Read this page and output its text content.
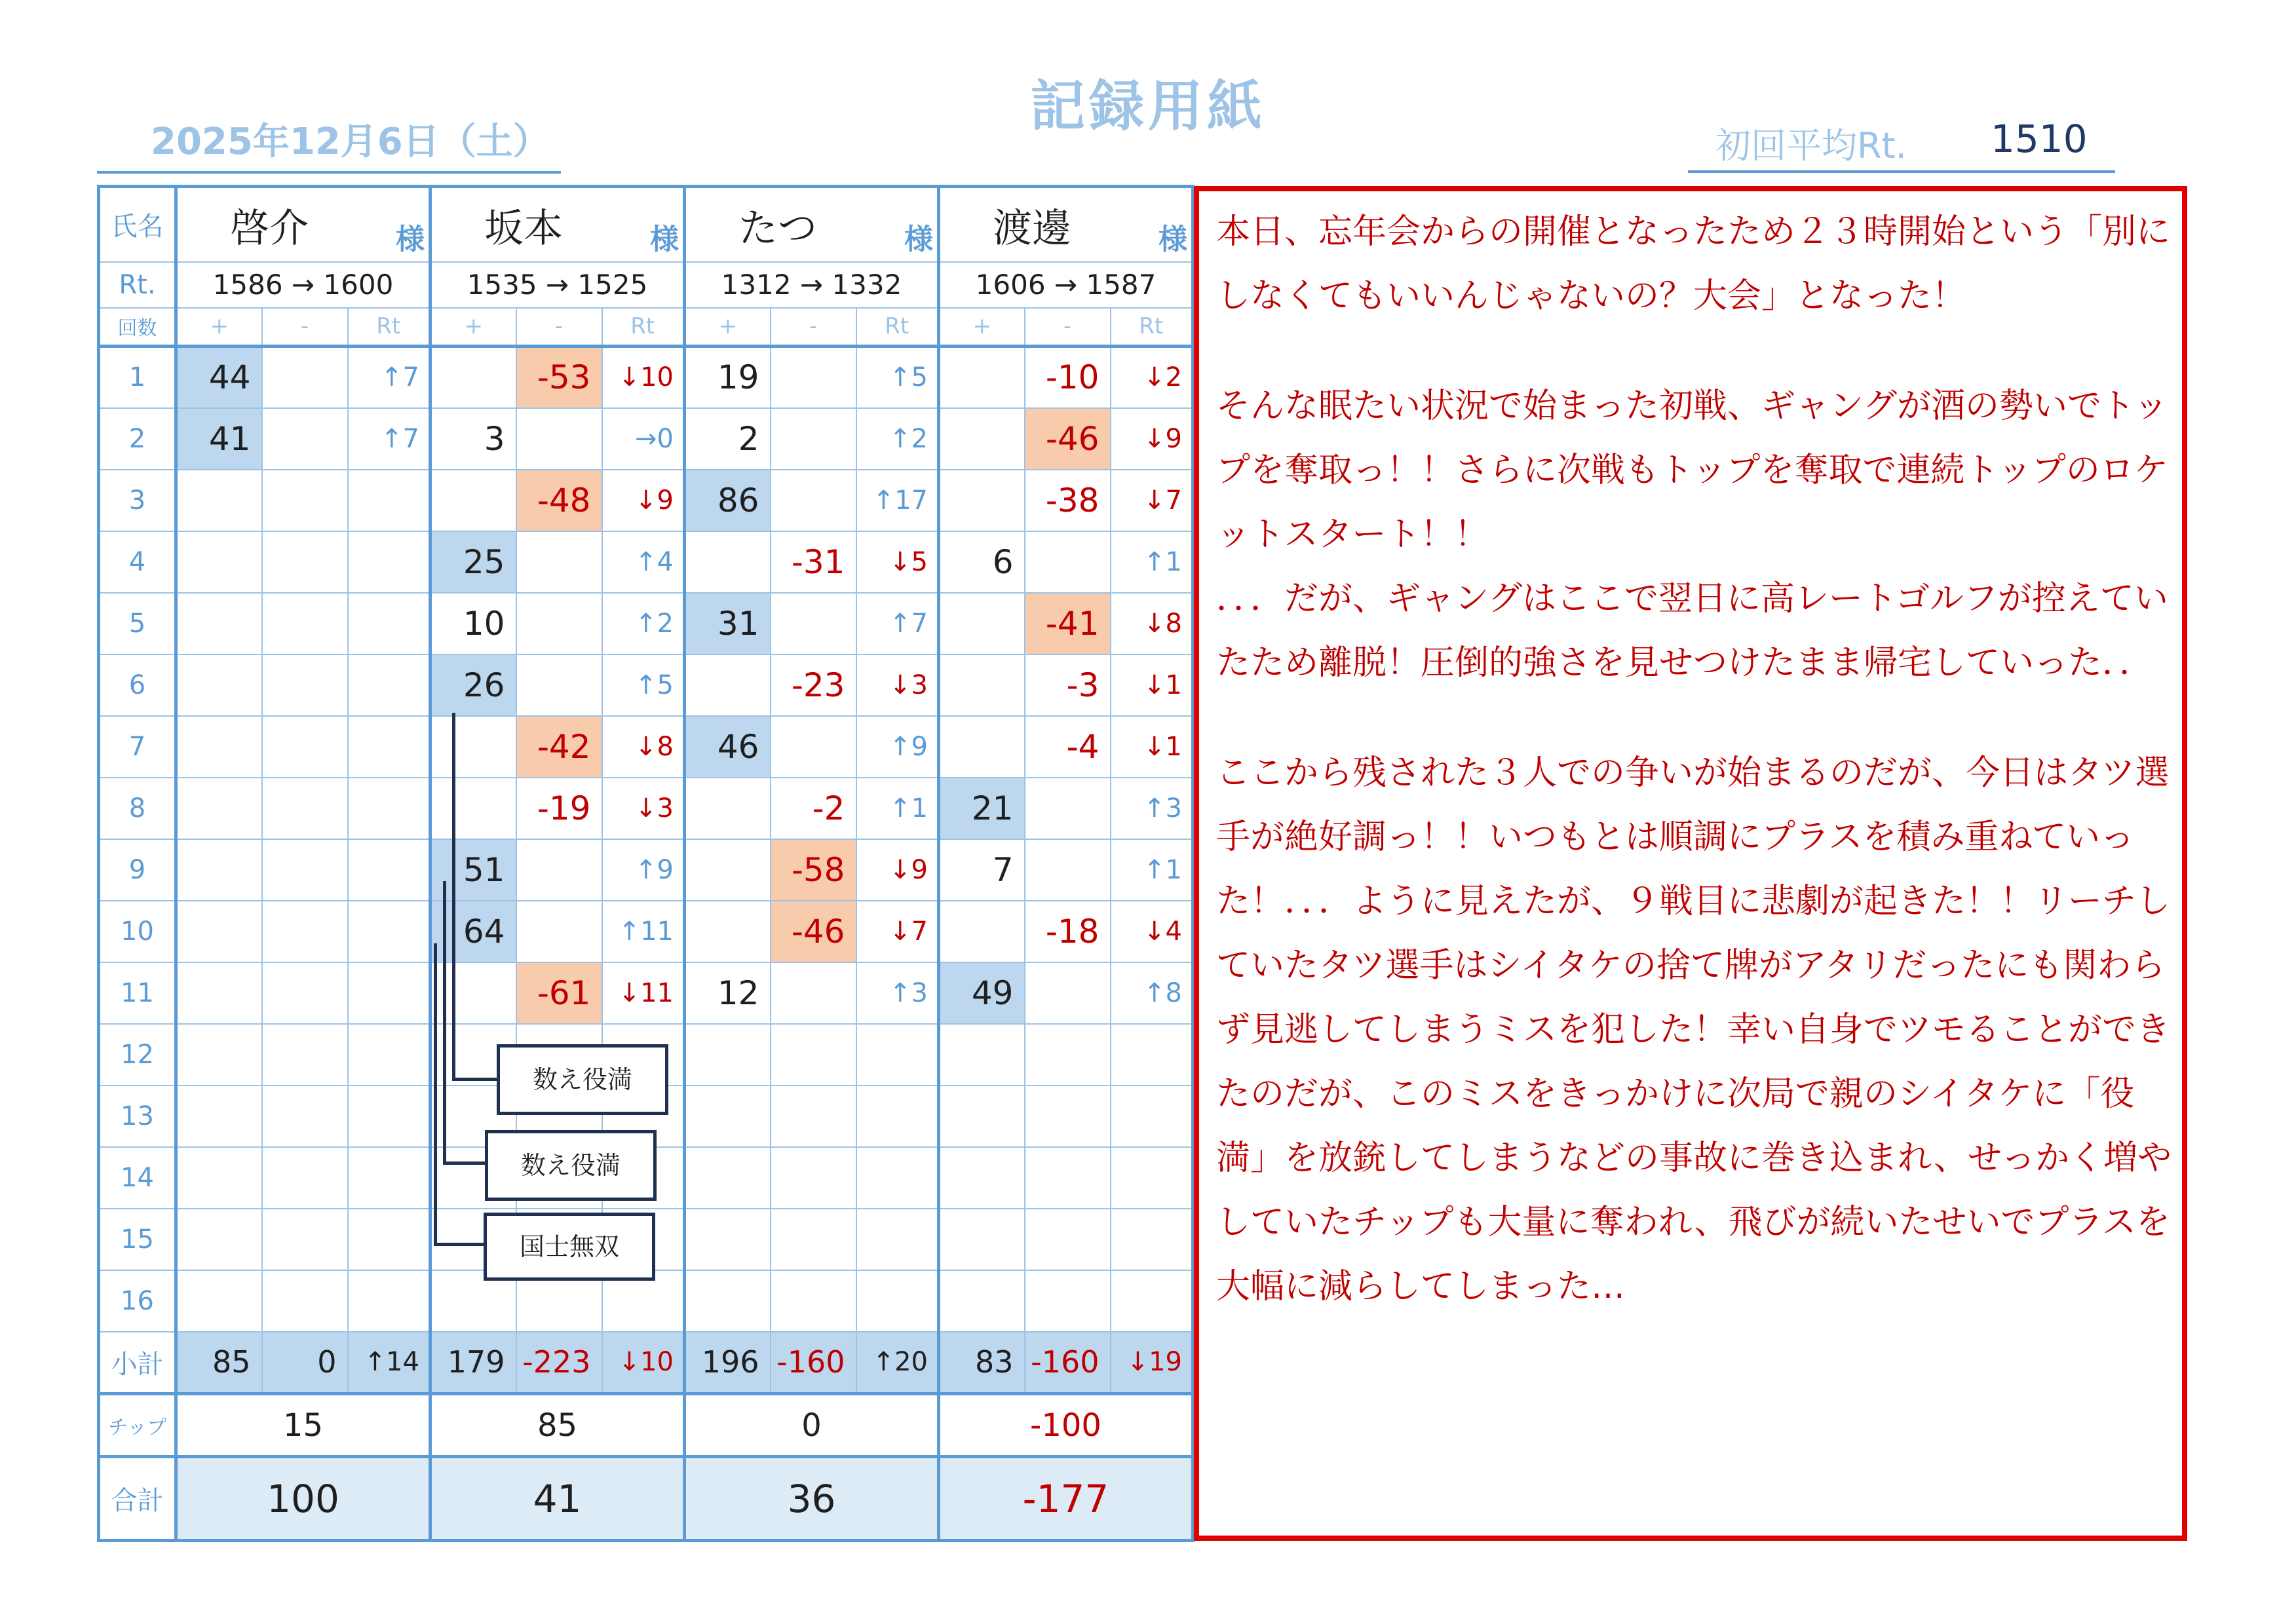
記録用紙
2025年12月6日（土）	初回平均Rt. 1510
氏名	啓介 様			坂本 様			たつ 様			渡邊 様		

Rt.	1586 → 1600			1535 → 1525			1312 → 1332			1606 → 1587		
回数	+	-	Rt	+	-	Rt	+	-	Rt	+	-	Rt
1	44		↑7		-53	↓10	19		↑5		-10	↓2
2	41		↑7	3		→0	2		↑2		-46	↓9
3					-48	↓9	86		↑17		-38	↓7
4				25		↑4		-31	↓5	6		↑1
5				10		↑2	31		↑7		-41	↓8
6				26		↑5		-23	↓3		-3	↓1
7					-42	↓8	46		↑9		-4	↓1
8					-19	↓3		-2	↑1	21		↑3
9				51		↑9		-58	↓9	7		↑1
10				64		↑11		-46	↓7		-18	↓4
11					-61	↓11	12		↑3	49		↑8
12												
13												
14												
15												
16												
小計	85	0	↑14	179	-223	↓10	196	-160	↑20	83	-160	↓19
チップ	15			85			0			-100		
合計	100			41			36			-177		
数え役満
数え役満
国士無双

本日、忘年会からの開催となったため２３時開始という「別にしなくてもいいんじゃないの？大会」となった！

そんな眠たい状況で始まった初戦、ギャングが酒の勢いでトップを奪取っ！！さらに次戦もトップを奪取で連続トップのロケットスタート！！

．．．だが、ギャングはここで翌日に高レートゴルフが控えていたため離脱！圧倒的強さを見せつけたまま帰宅していった．．

ここから残された３人での争いが始まるのだが、今日はタツ選手が絶好調っ！！いつもとは順調にプラスを積み重ねていった！．．．ように見えたが、９戦目に悲劇が起きた！！リーチしていたタツ選手はシイタケの捨て牌がアタリだったにも関わらず見逃してしまうミスを犯した！幸い自身でツモることができたのだが、このミスをきっかけに次局で親のシイタケに「役満」を放銃してしまうなどの事故に巻き込まれ、せっかく増やしていたチップも大量に奪われ、飛びが続いたせいでプラスを大幅に減らしてしまった…
